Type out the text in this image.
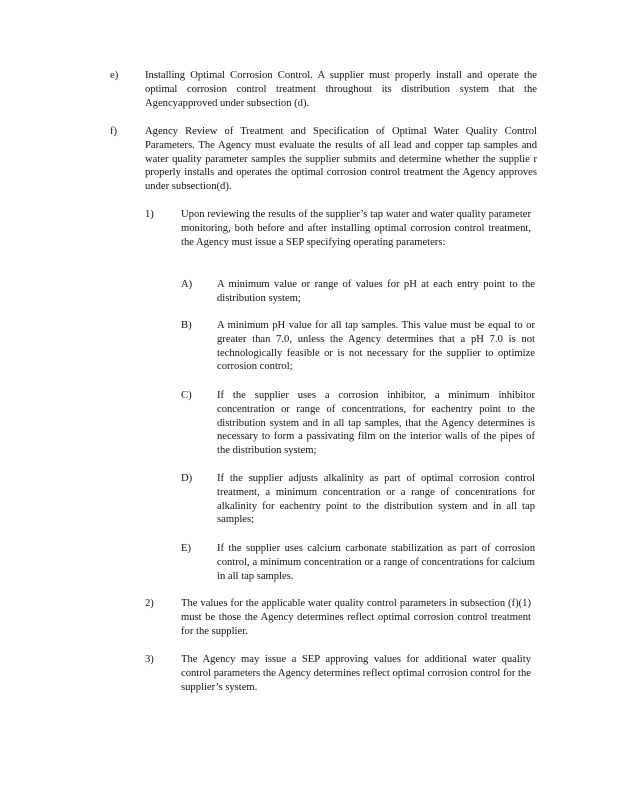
e)	Installing Optimal Corrosion Control. A supplier must properly install and operate the optimal corrosion control treatment throughout its distribution system that the Agencyapproved under subsection (d).
f)	Agency Review of Treatment and Specification of Optimal Water Quality Control Parameters. The Agency must evaluate the results of all lead and copper tap samples and water quality parameter samples the supplier submits and determine whether the supplie r properly installs and operates the optimal corrosion control treatment the Agency approves under subsection(d).
1)	Upon reviewing the results of the supplier’s tap water and water quality parameter monitoring, both before and after installing optimal corrosion control treatment, the Agency must issue a SEP specifying operating parameters:
A) A minimum value or range of values for pH at each entry point to the distribution system;
B) A minimum pH value for all tap samples. This value must be equal to or greater than 7.0, unless the Agency determines that a pH 7.0 is not technologically feasible or is not necessary for the supplier to optimize corrosion control;
C) If the supplier uses a corrosion inhibitor, a minimum inhibitor concentration or range of concentrations, for eachentry point to the distribution system and in all tap samples, that the Agency determines is necessary to form a passivating film on the interior walls of the pipes of the distribution system;
D) If the supplier adjusts alkalinity as part of optimal corrosion control treatment, a minimum concentration or a range of concentrations for alkalinity for eachentry point to the distribution system and in all tap samples;
E) If the supplier uses calcium carbonate stabilization as part of corrosion control, a minimum concentration or a range of concentrations for calcium in all tap samples.
2)	The values for the applicable water quality control parameters in subsection (f)(1) must be those the Agency determines reflect optimal corrosion control treatment for the supplier.
3)	The Agency may issue a SEP approving values for additional water quality control parameters the Agency determines reflect optimal corrosion control for the supplier’s system.
